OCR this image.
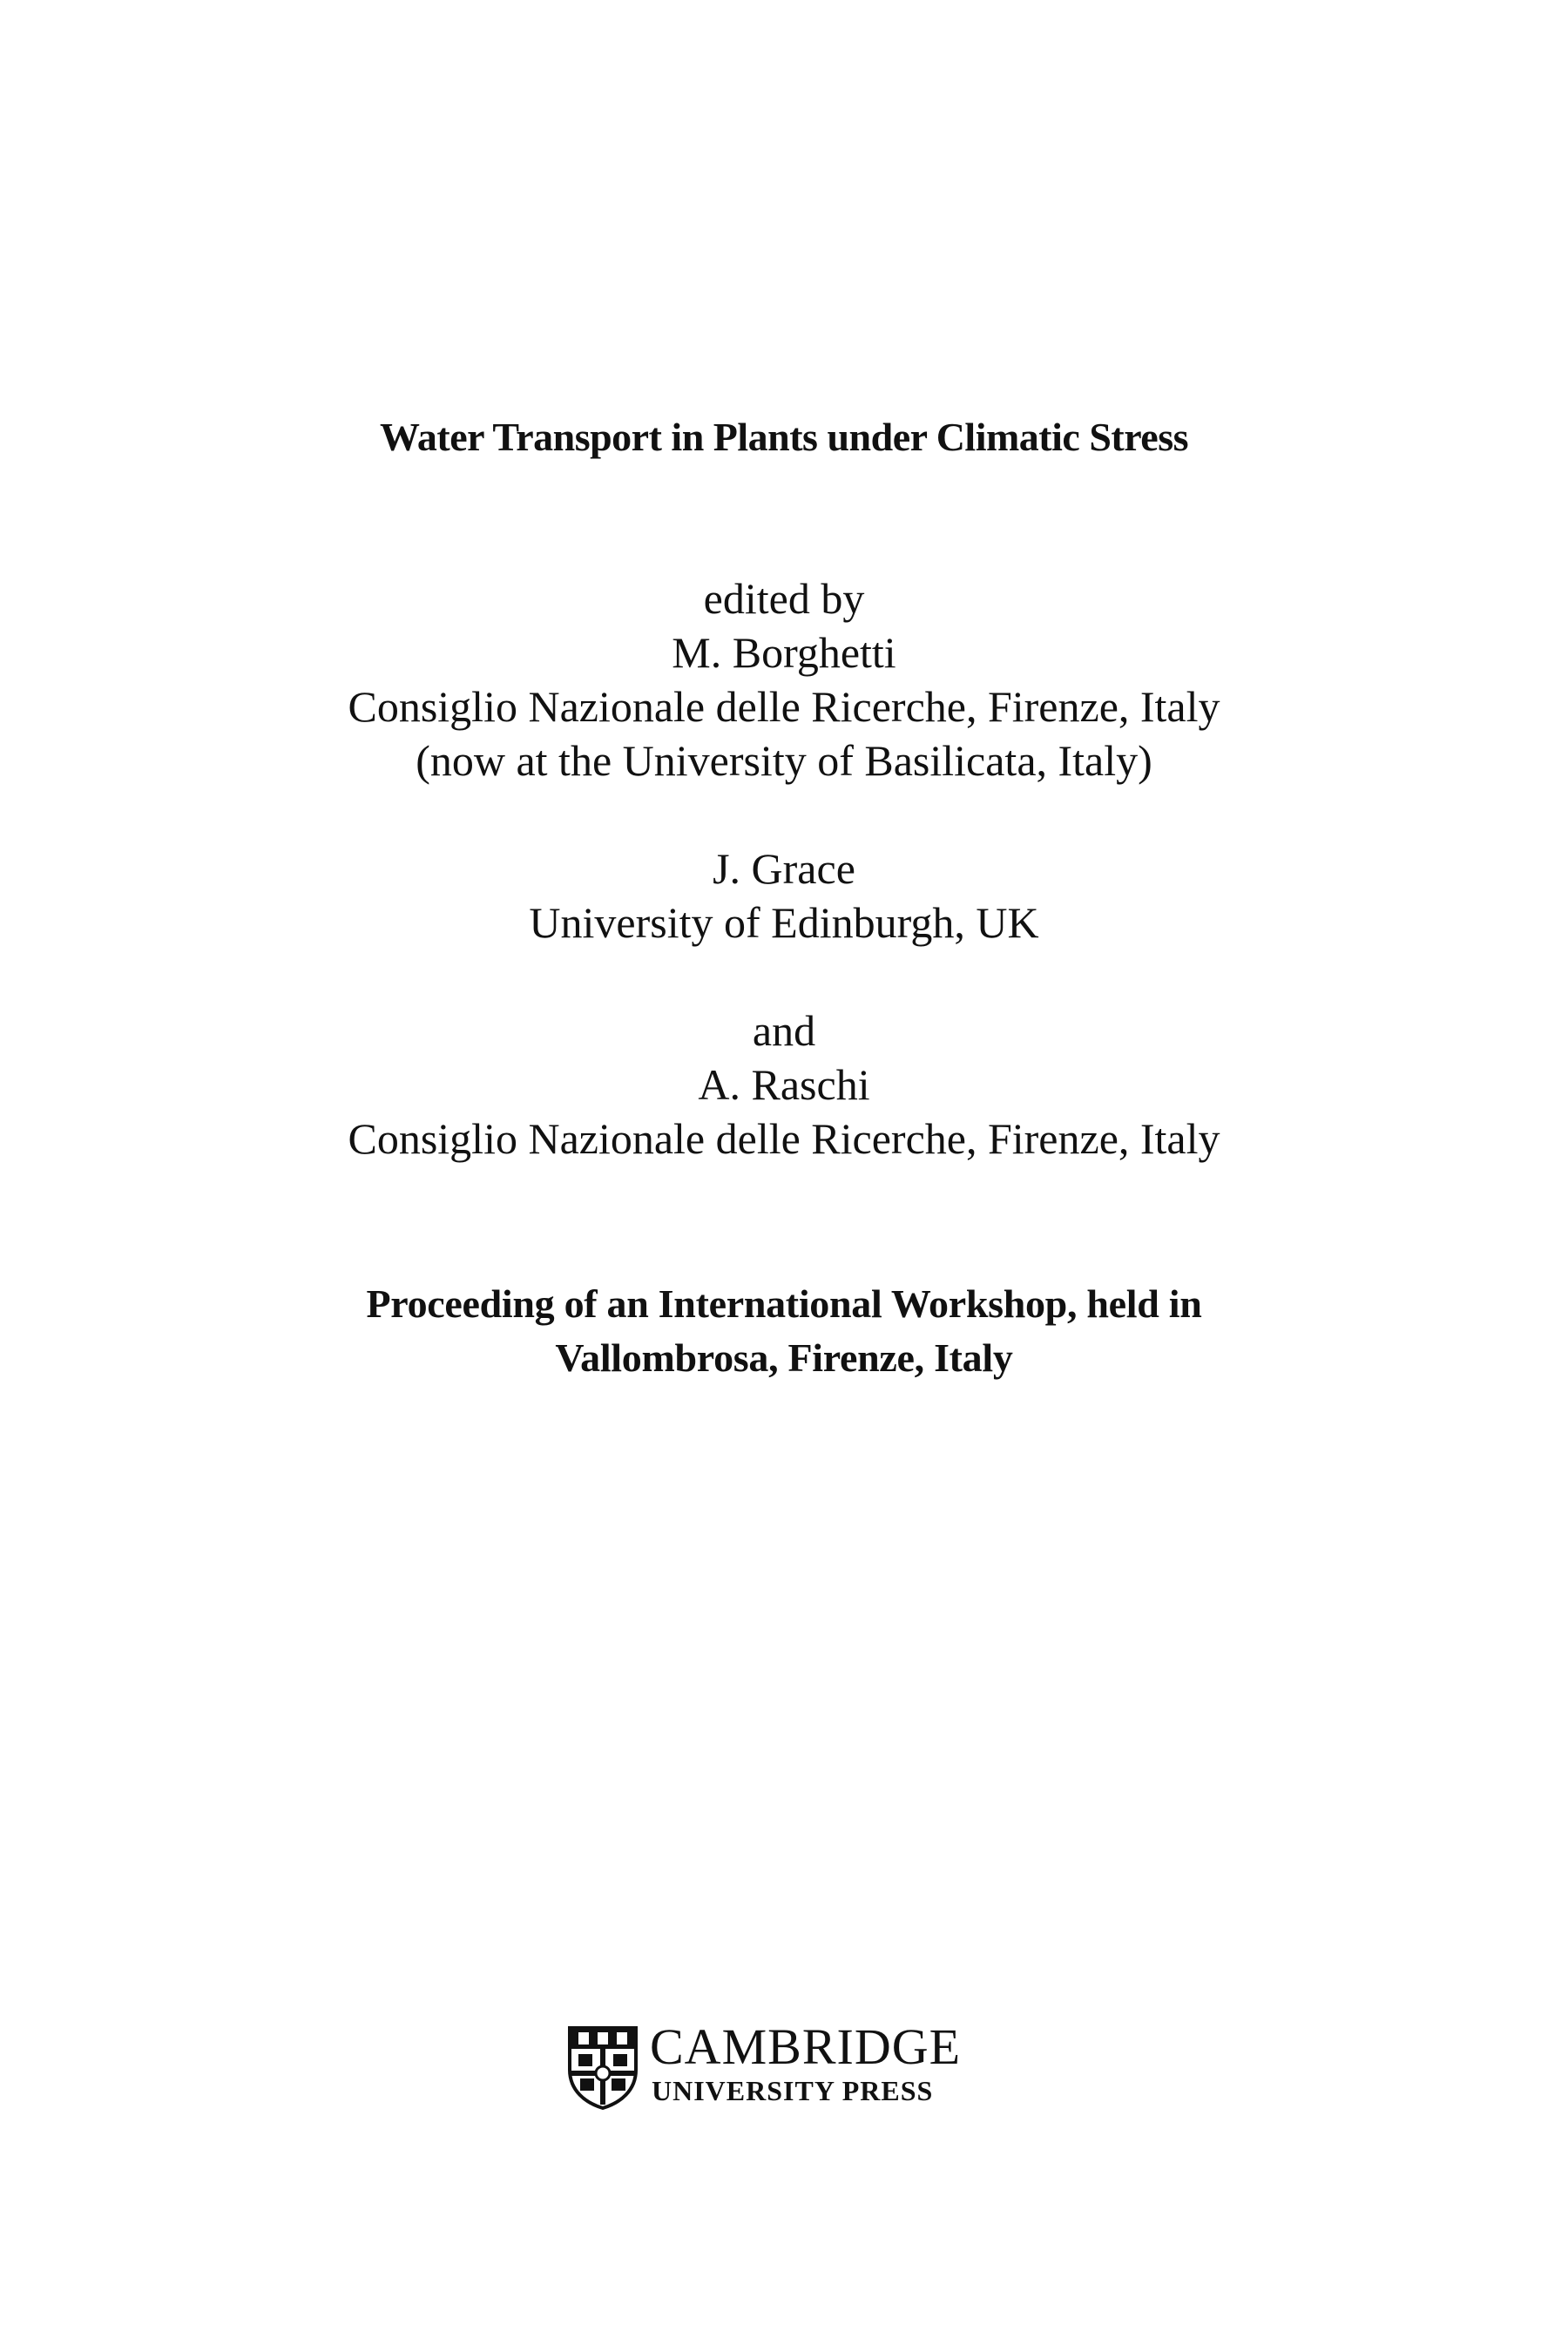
Water Transport in Plants under Climatic Stress
edited by
M. Borghetti
Consiglio Nazionale delle Ricerche, Firenze, Italy
(now at the University of Basilicata, Italy)
J. Grace
University of Edinburgh, UK
and
A. Raschi
Consiglio Nazionale delle Ricerche, Firenze, Italy
Proceeding of an International Workshop, held in
Vallombrosa, Firenze, Italy
CAMBRIDGE
UNIVERSITY PRESS
